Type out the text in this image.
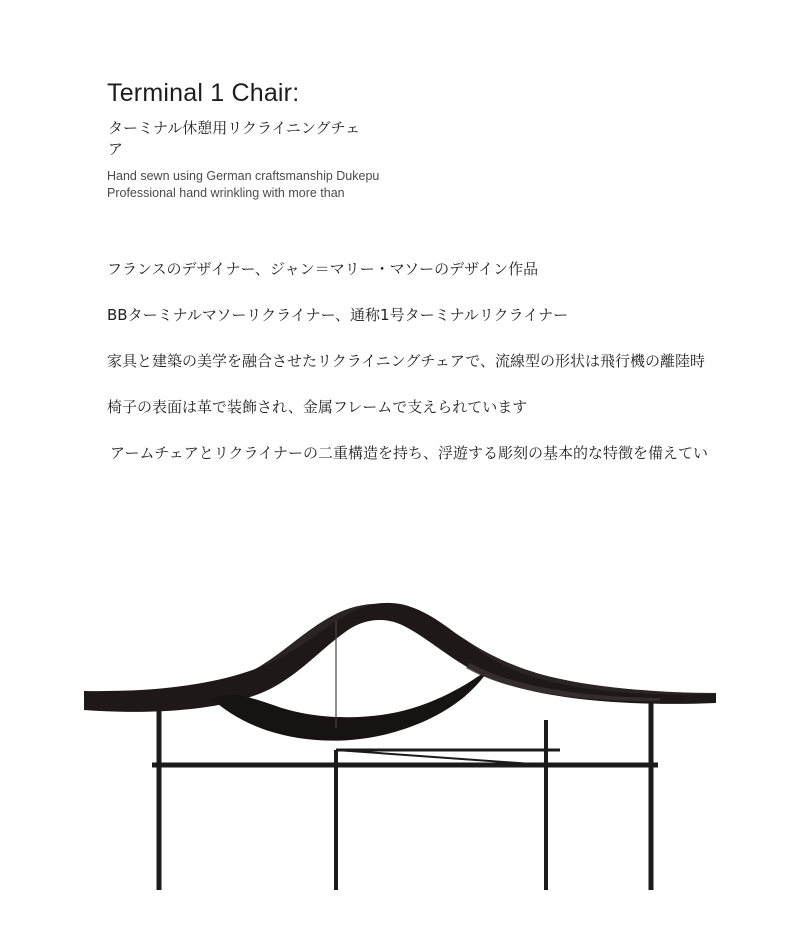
Terminal 1 Chair:
ターミナル休憩用リクライニングチェア
Hand sewn using German craftsmanship Dukepu
Professional hand wrinkling with more than
フランスのデザイナー、ジャン＝マリー・マソーのデザイン作品
BBターミナルマソーリクライナー、通称1号ターミナルリクライナー
家具と建築の美学を融合させたリクライニングチェアで、流線型の形状は飛行機の離陸時
椅子の表面は革で装飾され、金属フレームで支えられています
アームチェアとリクライナーの二重構造を持ち、浮遊する彫刻の基本的な特徴を備えてい
